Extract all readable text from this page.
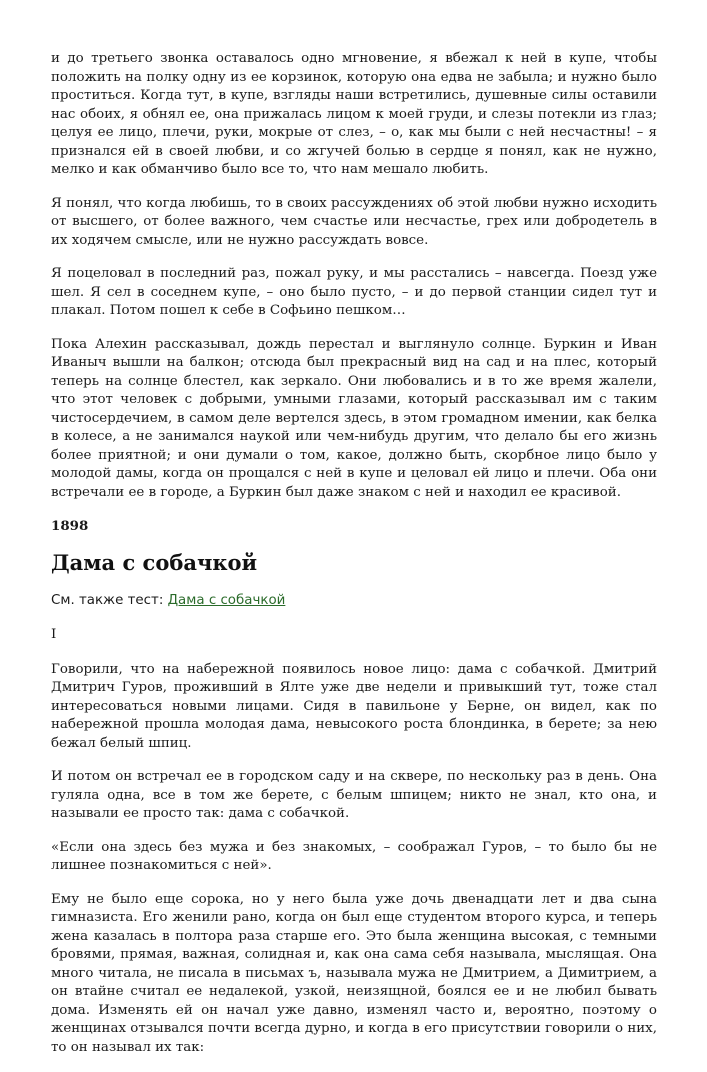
и до третьего звонка оставалось одно мгновение, я вбежал к ней в купе, чтобы положить на полку одну из ее корзинок, которую она едва не забыла; и нужно было проститься. Когда тут, в купе, взгляды наши встретились, душевные силы оставили нас обоих, я обнял ее, она прижалась лицом к моей груди, и слезы потекли из глаз; целуя ее лицо, плечи, руки, мокрые от слез, – о, как мы были с ней несчастны! – я признался ей в своей любви, и со жгучей болью в сердце я понял, как не нужно, мелко и как обманчиво было все то, что нам мешало любить.

Я понял, что когда любишь, то в своих рассуждениях об этой любви нужно исходить от высшего, от более важного, чем счастье или несчастье, грех или добродетель в их ходячем смысле, или не нужно рассуждать вовсе.

Я поцеловал в последний раз, пожал руку, и мы расстались – навсегда. Поезд уже шел. Я сел в соседнем купе, – оно было пусто, – и до первой станции сидел тут и плакал. Потом пошел к себе в Софьино пешком…

Пока Алехин рассказывал, дождь перестал и выглянуло солнце. Буркин и Иван Иваныч вышли на балкон; отсюда был прекрасный вид на сад и на плес, который теперь на солнце блестел, как зеркало. Они любовались и в то же время жалели, что этот человек с добрыми, умными глазами, который рассказывал им с таким чистосердечием, в самом деле вертелся здесь, в этом громадном имении, как белка в колесе, а не занимался наукой или чем-нибудь другим, что делало бы его жизнь более приятной; и они думали о том, какое, должно быть, скорбное лицо было у молодой дамы, когда он прощался с ней в купе и целовал ей лицо и плечи. Оба они встречали ее в городе, а Буркин был даже знаком с ней и находил ее красивой.

1898

Дама с собачкой

См. также тест: Дама с собачкой

I

Говорили, что на набережной появилось новое лицо: дама с собачкой. Дмитрий Дмитрич Гуров, проживший в Ялте уже две недели и привыкший тут, тоже стал интересоваться новыми лицами. Сидя в павильоне у Берне, он видел, как по набережной прошла молодая дама, невысокого роста блондинка, в берете; за нею бежал белый шпиц.

И потом он встречал ее в городском саду и на сквере, по нескольку раз в день. Она гуляла одна, все в том же берете, с белым шпицем; никто не знал, кто она, и называли ее просто так: дама с собачкой.

«Если она здесь без мужа и без знакомых, – соображал Гуров, – то было бы не лишнее познакомиться с ней».

Ему не было еще сорока, но у него была уже дочь двенадцати лет и два сына гимназиста. Его женили рано, когда он был еще студентом второго курса, и теперь жена казалась в полтора раза старше его. Это была женщина высокая, с темными бровями, прямая, важная, солидная и, как она сама себя называла, мыслящая. Она много читала, не писала в письмах ъ, называла мужа не Дмитрием, а Димитрием, а он втайне считал ее недалекой, узкой, неизящной, боялся ее и не любил бывать дома. Изменять ей он начал уже давно, изменял часто и, вероятно, поэтому о женщинах отзывался почти всегда дурно, и когда в его присутствии говорили о них, то он называл их так:
